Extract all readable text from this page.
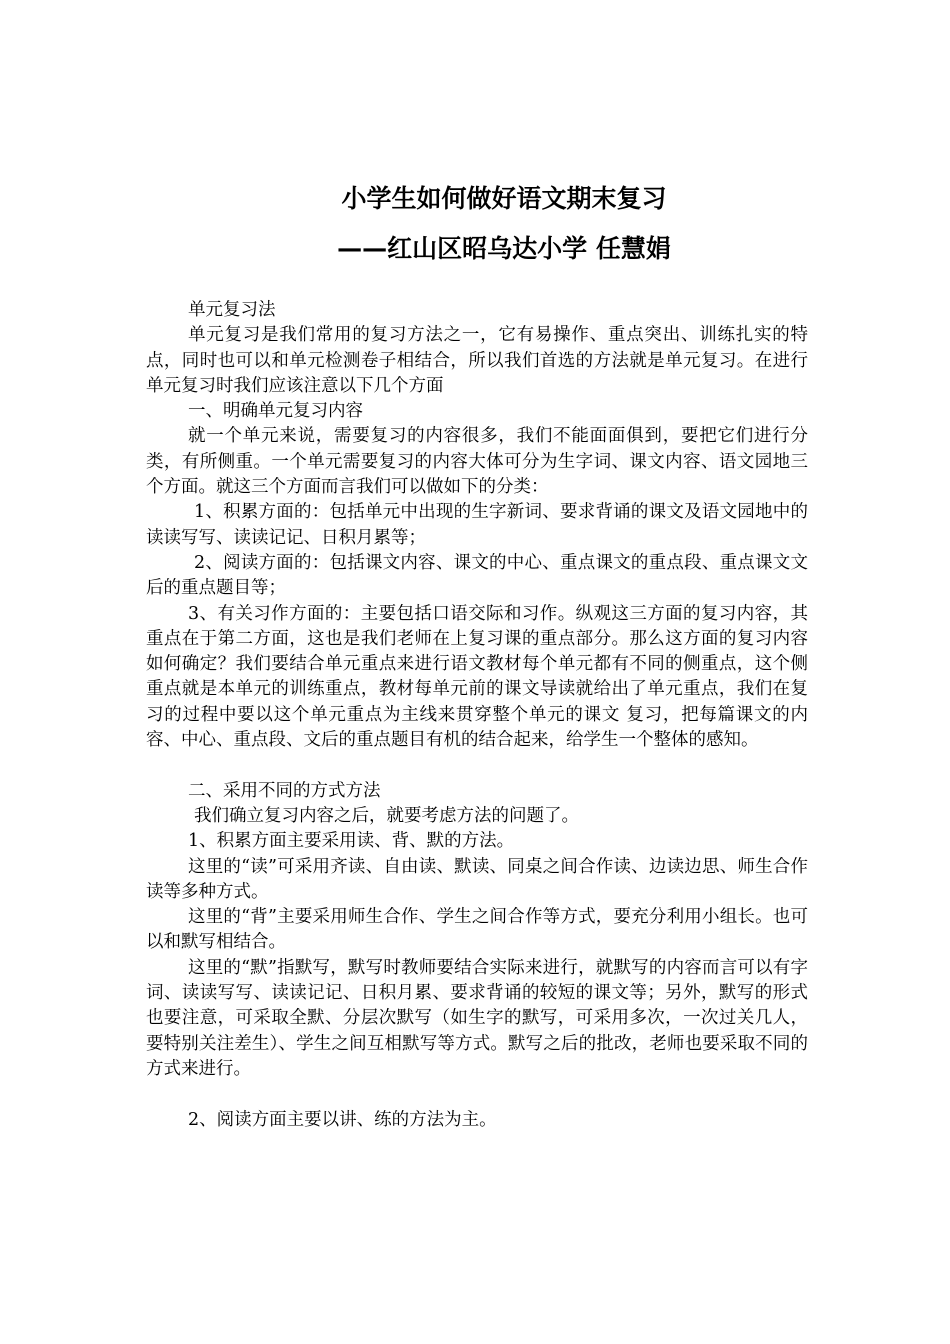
小学生如何做好语文期末复习
——红山区昭乌达小学 任慧娟

单元复习法

单元复习是我们常用的复习方法之一，它有易操作、重点突出、训练扎实的特点，同时也可以和单元检测卷子相结合，所以我们首选的方法就是单元复习。在进行单元复习时我们应该注意以下几个方面

一、明确单元复习内容

就一个单元来说，需要复习的内容很多，我们不能面面俱到，要把它们进行分类，有所侧重。一个单元需要复习的内容大体可分为生字词、课文内容、语文园地三个方面。就这三个方面而言我们可以做如下的分类：

1、积累方面的：包括单元中出现的生字新词、要求背诵的课文及语文园地中的读读写写、读读记记、日积月累等；

2、阅读方面的：包括课文内容、课文的中心、重点课文的重点段、重点课文文后的重点题目等；

3、有关习作方面的：主要包括口语交际和习作。纵观这三方面的复习内容，其重点在于第二方面，这也是我们老师在上复习课的重点部分。那么这方面的复习内容如何确定？我们要结合单元重点来进行语文教材每个单元都有不同的侧重点，这个侧重点就是本单元的训练重点，教材每单元前的课文导读就给出了单元重点，我们在复习的过程中要以这个单元重点为主线来贯穿整个单元的课文 复习，把每篇课文的内容、中心、重点段、文后的重点题目有机的结合起来，给学生一个整体的感知。

二、采用不同的方式方法

我们确立复习内容之后，就要考虑方法的问题了。

1、积累方面主要采用读、背、默的方法。

这里的“读”可采用齐读、自由读、默读、同桌之间合作读、边读边思、师生合作读等多种方式。

这里的“背”主要采用师生合作、学生之间合作等方式，要充分利用小组长。也可以和默写相结合。

这里的“默”指默写，默写时教师要结合实际来进行，就默写的内容而言可以有字词、读读写写、读读记记、日积月累、要求背诵的较短的课文等；另外，默写的形式也要注意，可采取全默、分层次默写（如生字的默写，可采用多次，一次过关几人，要特别关注差生）、学生之间互相默写等方式。默写之后的批改，老师也要采取不同的方式来进行。

2、阅读方面主要以讲、练的方法为主。
